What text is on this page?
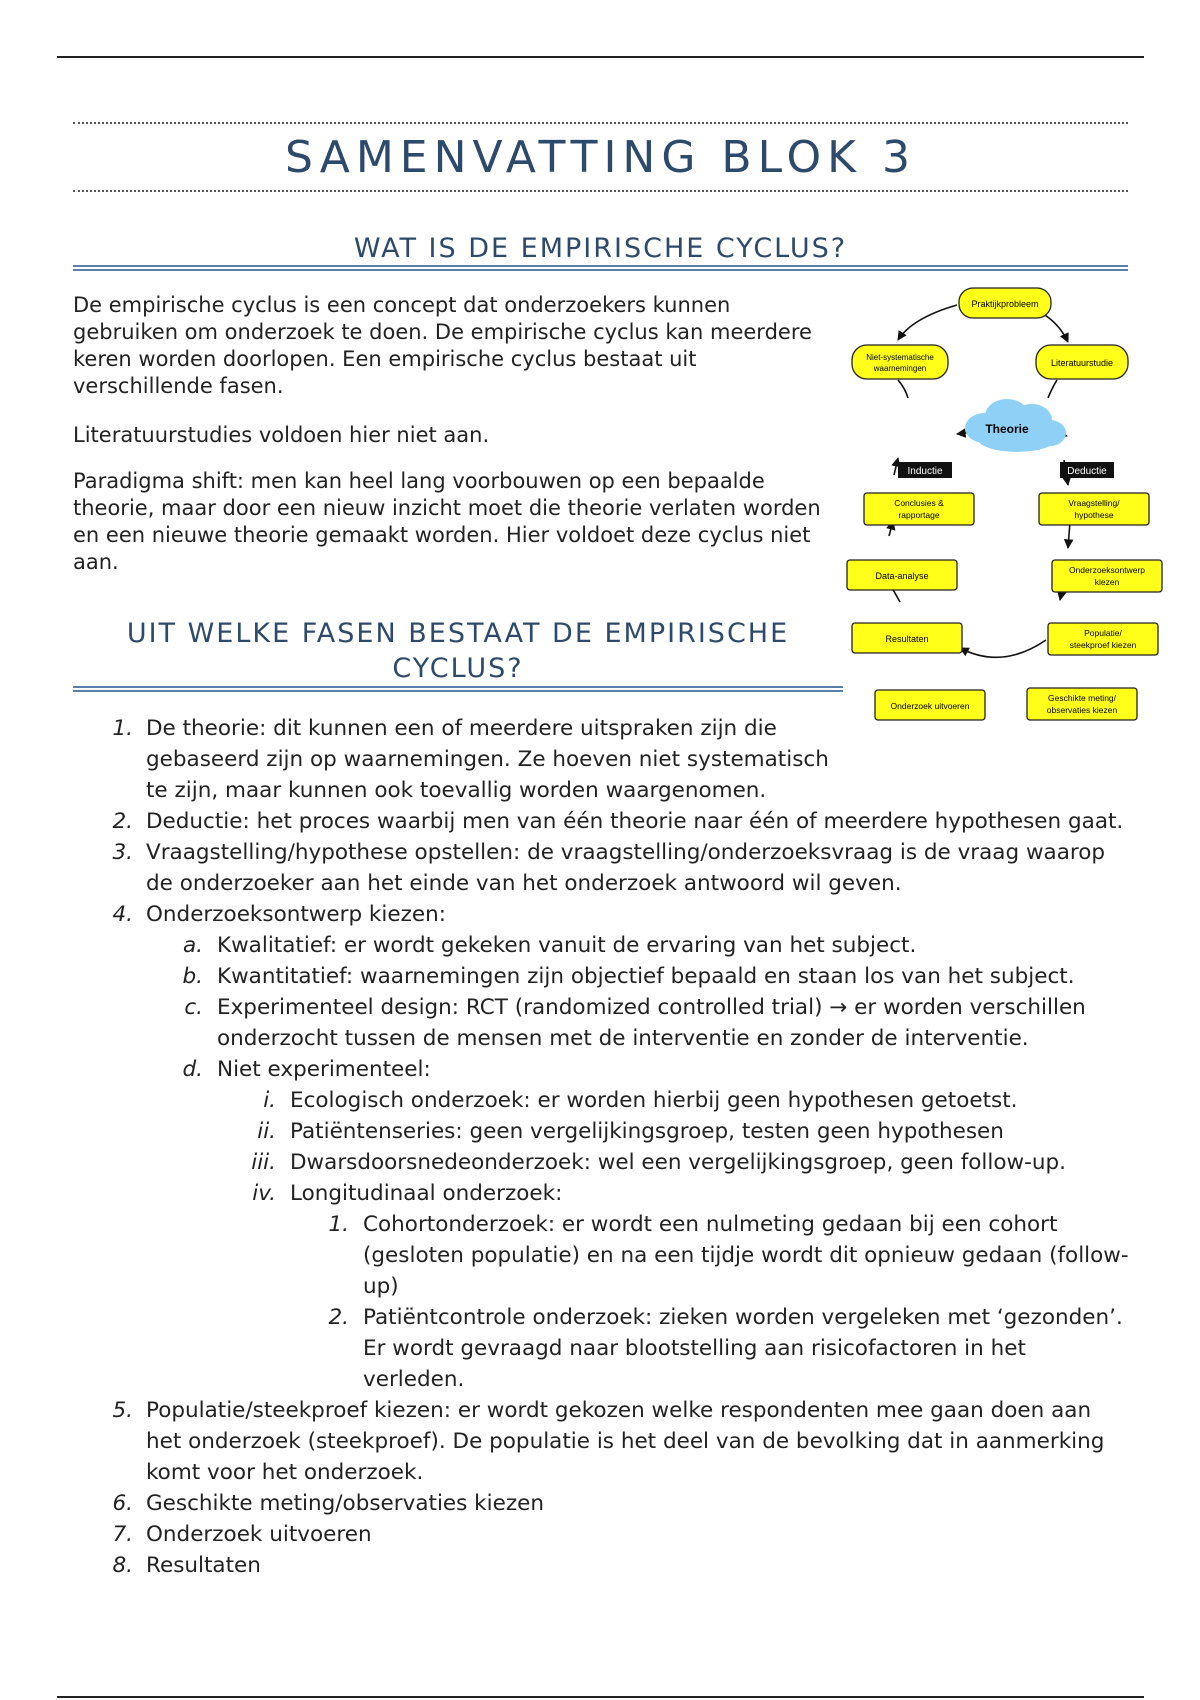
SAMENVATTING BLOK 3
WAT IS DE EMPIRISCHE CYCLUS?

De empirische cyclus is een concept dat onderzoekers kunnen gebruiken om onderzoek te doen. De empirische cyclus kan meerdere keren worden doorlopen. Een empirische cyclus bestaat uit verschillende fasen.

Literatuurstudies voldoen hier niet aan.

Paradigma shift: men kan heel lang voorbouwen op een bepaalde theorie, maar door een nieuw inzicht moet die theorie verlaten worden en een nieuwe theorie gemaakt worden. Hier voldoet deze cyclus niet aan.

UIT WELKE FASEN BESTAAT DE EMPIRISCHE CYCLUS?
Praktijkprobleem
Niet-systematische
waarnemingen
Literatuurstudie
Theorie
Inductie	Deductie
Conclusies &
rapportage
Vraagstelling/
hypothese
Data-analyse
Onderzoeksontwerp
kiezen
Resultaten
Populatie/
steekproef kiezen
Onderzoek uitvoeren
Geschikte meting/
observaties kiezen
1. De theorie: dit kunnen een of meerdere uitspraken zijn die gebaseerd zijn op waarnemingen. Ze hoeven niet systematisch te zijn, maar kunnen ook toevallig worden waargenomen.
2. Deductie: het proces waarbij men van één theorie naar één of meerdere hypothesen gaat.
3. Vraagstelling/hypothese opstellen: de vraagstelling/onderzoeksvraag is de vraag waarop de onderzoeker aan het einde van het onderzoek antwoord wil geven.
4. Onderzoeksontwerp kiezen:
a. Kwalitatief: er wordt gekeken vanuit de ervaring van het subject.
b. Kwantitatief: waarnemingen zijn objectief bepaald en staan los van het subject.
c. Experimenteel design: RCT (randomized controlled trial) → er worden verschillen onderzocht tussen de mensen met de interventie en zonder de interventie.
d. Niet experimenteel:
i. Ecologisch onderzoek: er worden hierbij geen hypothesen getoetst.
ii. Patiëntenseries: geen vergelijkingsgroep, testen geen hypothesen
iii. Dwarsdoorsnedeonderzoek: wel een vergelijkingsgroep, geen follow-up.
iv. Longitudinaal onderzoek:
1. Cohortonderzoek: er wordt een nulmeting gedaan bij een cohort (gesloten populatie) en na een tijdje wordt dit opnieuw gedaan (follow-up)
2. Patiëntcontrole onderzoek: zieken worden vergeleken met ‘gezonden’. Er wordt gevraagd naar blootstelling aan risicofactoren in het verleden.
5. Populatie/steekproef kiezen: er wordt gekozen welke respondenten mee gaan doen aan het onderzoek (steekproef). De populatie is het deel van de bevolking dat in aanmerking komt voor het onderzoek.
6. Geschikte meting/observaties kiezen
7. Onderzoek uitvoeren
8. Resultaten
